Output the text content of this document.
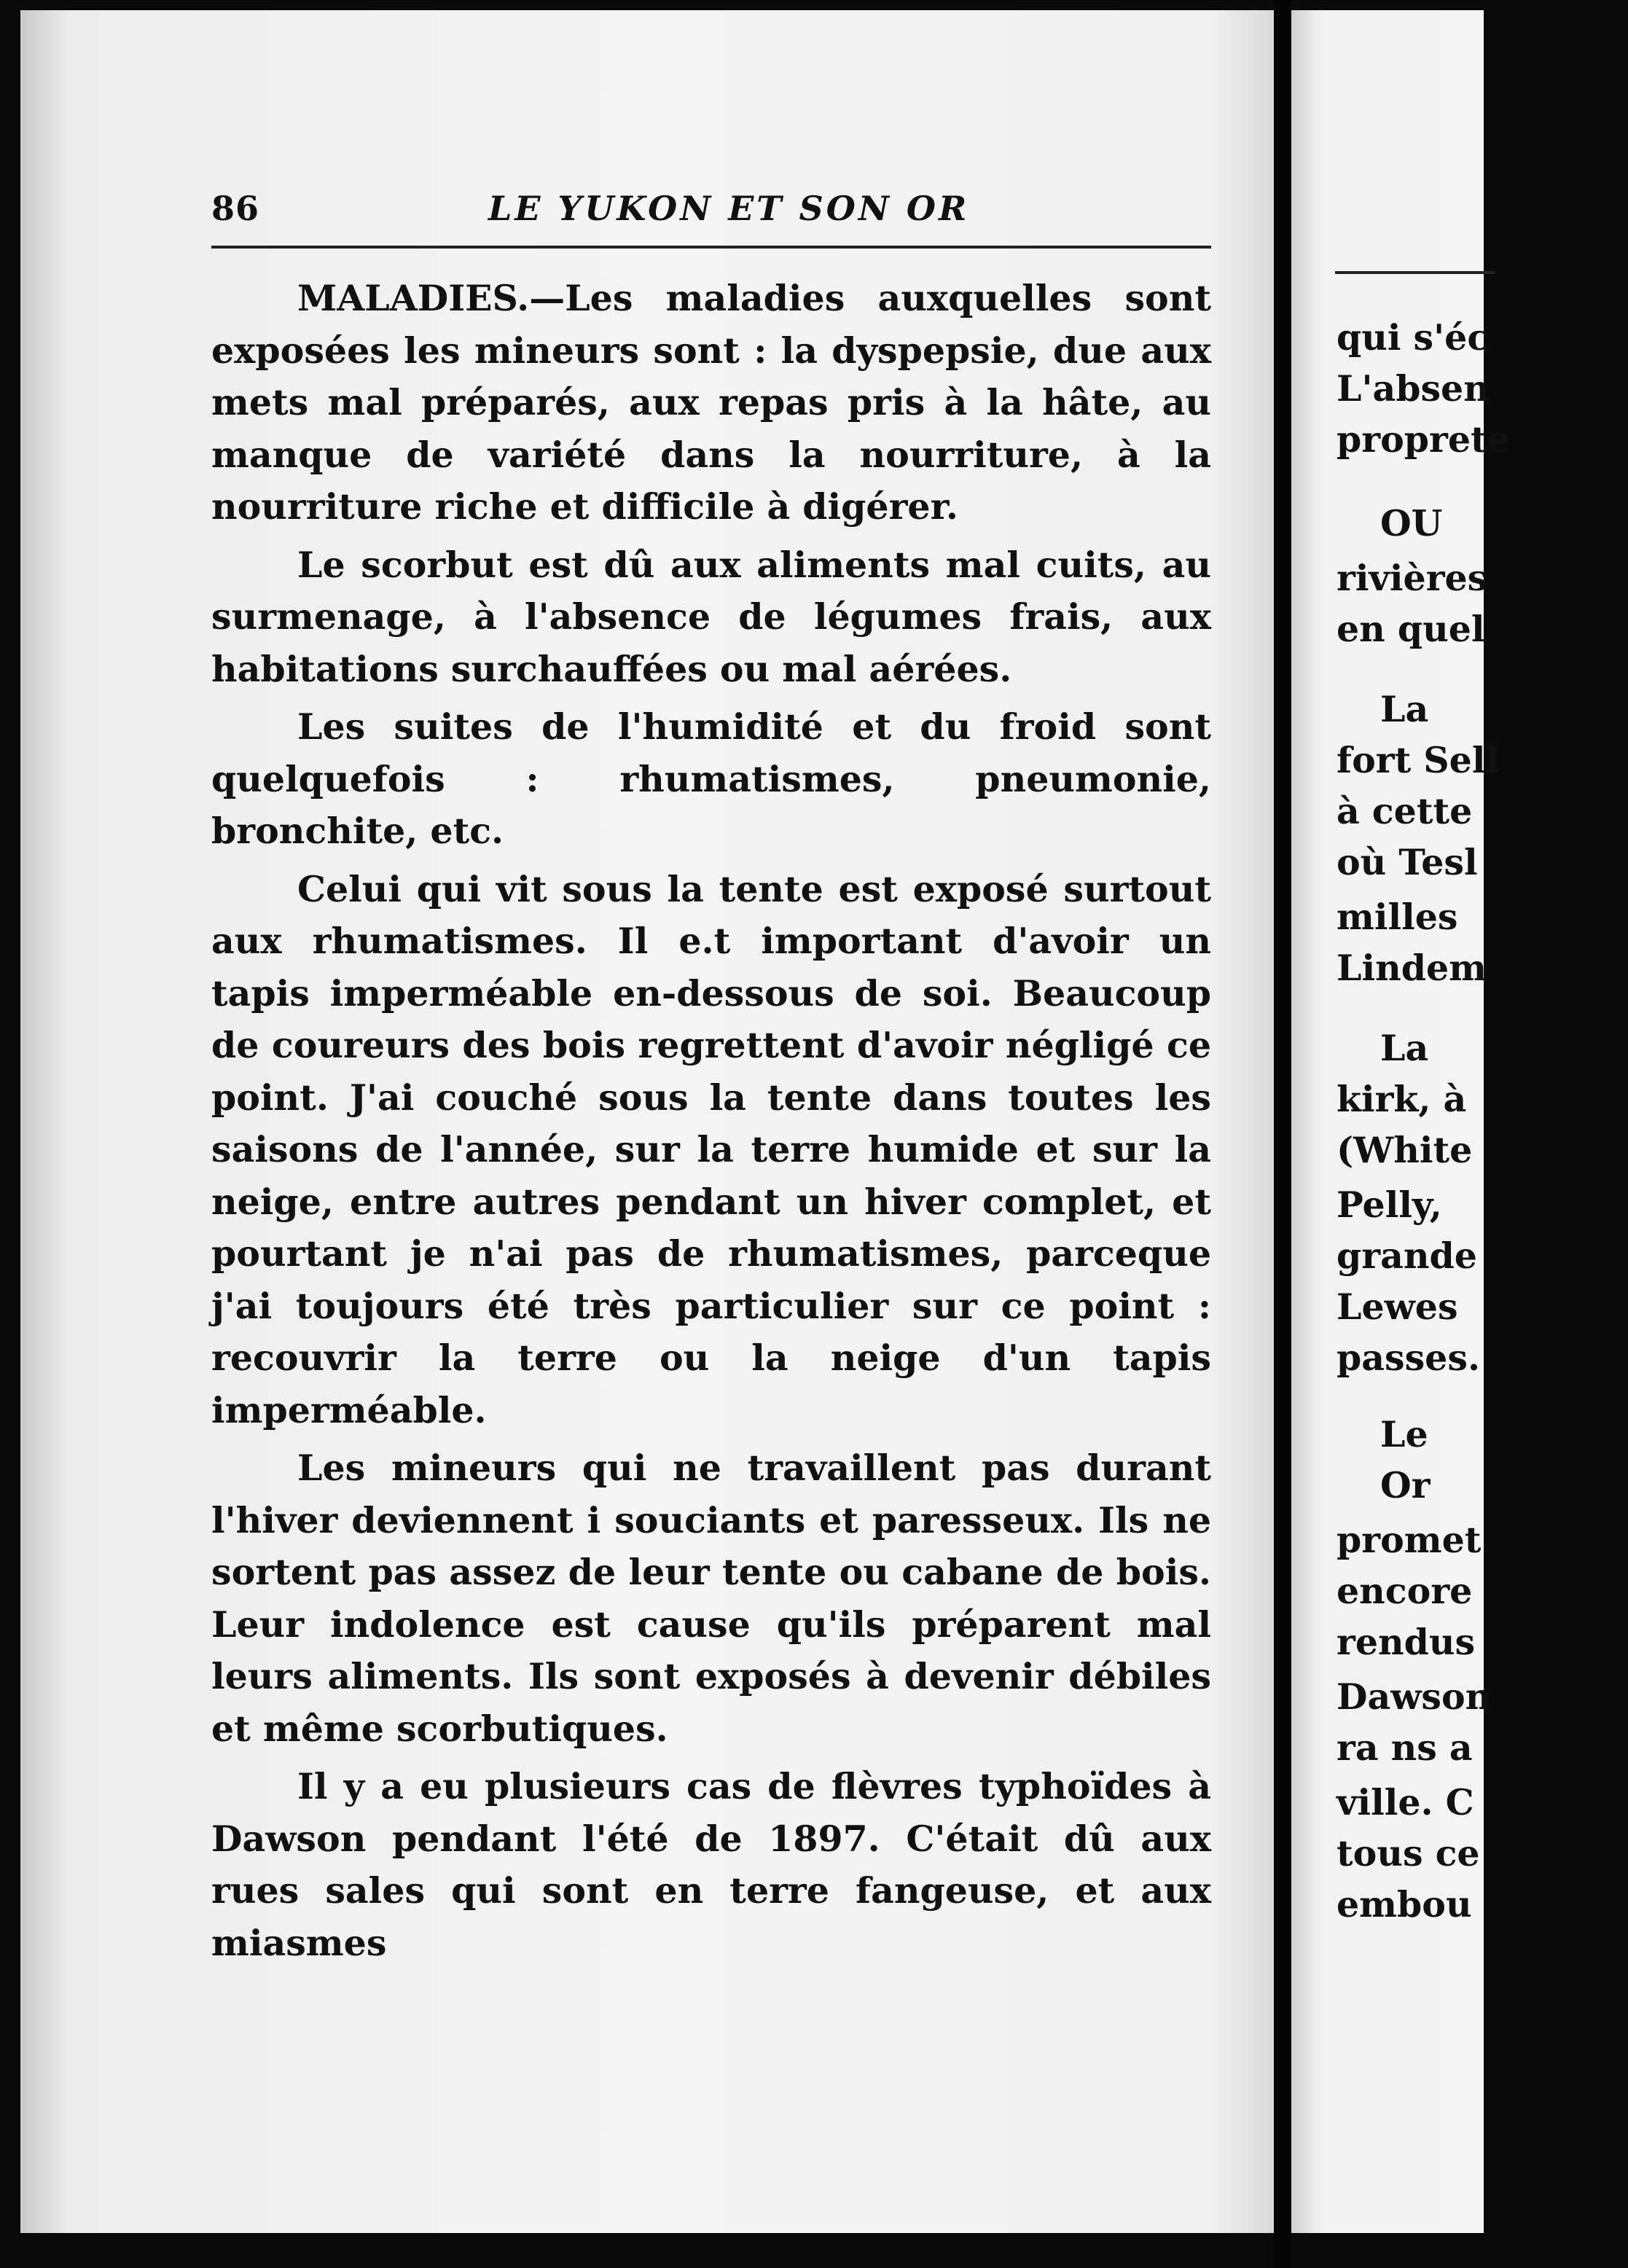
86	LE YUKON ET SON OR

MALADIES.—Les maladies auxquelles sont exposées les mineurs sont : la dyspepsie, due aux mets mal préparés, aux repas pris à la hâte, au manque de variété dans la nourriture, à la nourriture riche et difficile à digérer.

Le scorbut est dû aux aliments mal cuits, au surmenage, à l'absence de légumes frais, aux habitations surchauffées ou mal aérées.

Les suites de l'humidité et du froid sont quelquefois : rhumatismes, pneumonie, bronchite, etc.

Celui qui vit sous la tente est exposé surtout aux rhumatismes. Il e.t important d'avoir un tapis imperméable en-dessous de soi. Beaucoup de coureurs des bois regrettent d'avoir négligé ce point. J'ai couché sous la tente dans toutes les saisons de l'année, sur la terre humide et sur la neige, entre autres pendant un hiver complet, et pourtant je n'ai pas de rhumatismes, parceque j'ai toujours été très particulier sur ce point : recouvrir la terre ou la neige d'un tapis imperméable.

Les mineurs qui ne travaillent pas durant l'hiver deviennent i souciants et paresseux. Ils ne sortent pas assez de leur tente ou cabane de bois. Leur indolence est cause qu'ils préparent mal leurs aliments. Ils sont exposés à devenir débiles et même scorbutiques.

Il y a eu plusieurs cas de flèvres typhoïdes à Dawson pendant l'été de 1897. C'était dû aux rues sales qui sont en terre fangeuse, et aux miasmes

qui s'éc
L'absen
proprete
OU
rivières
en quel
La
fort Sell
à cette
où Tesl
milles
Lindem
La
kirk, à
(White
Pelly,
grande
Lewes
passes.
Le
Or
promet
encore
rendus
Dawson
ra ns a
ville. C
tous ce
embou
